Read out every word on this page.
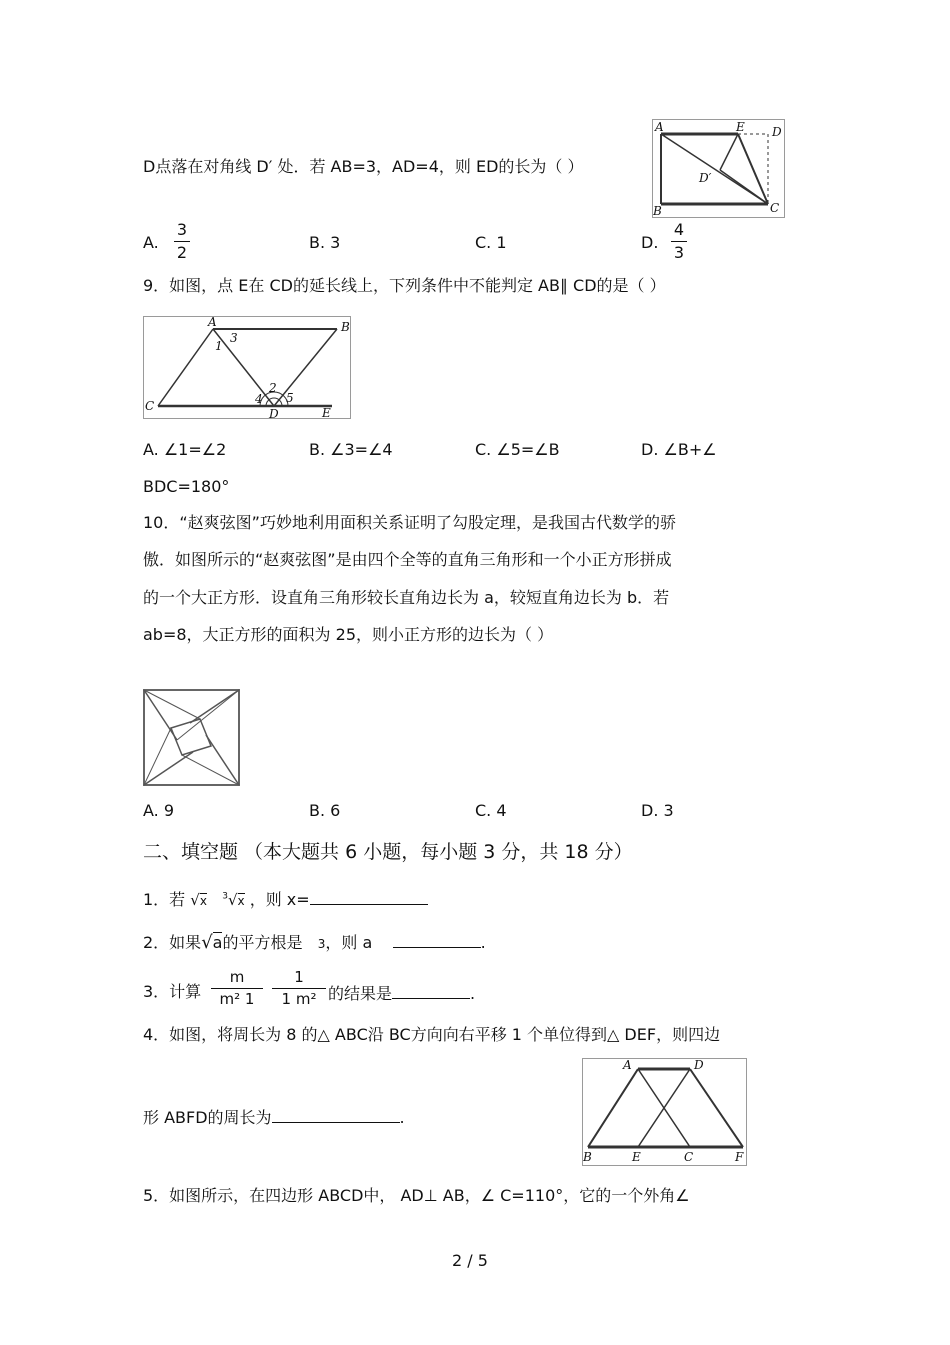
D点落在对角线 D′ 处．若 AB=3，AD=4，则 ED的长为（ ）
A	E D
D′
B	C
A.
3
2
B. 3	C. 1	D.
4
3
9．如图，点 E在 CD的延长线上，下列条件中不能判定 AB∥ CD的是（ ）
A	B
C
D	E
1
3
2
4 5
A. ∠1=∠2	B. ∠3=∠4	C. ∠5=∠B	D. ∠B+∠
BDC=180°
10．“赵爽弦图”巧妙地利用面积关系证明了勾股定理，是我国古代数学的骄
傲．如图所示的“赵爽弦图”是由四个全等的直角三角形和一个小正方形拼成
的一个大正方形．设直角三角形较长直角边长为 a，较短直角边长为 b．若
ab=8，大正方形的面积为 25，则小正方形的边长为（ ）
A. 9	B. 6	C. 4	D. 3
二、填空题 （本大题共 6 小题，每小题 3 分，共 18 分）
1．若 √x $^3$√x ，则 x=
2．如果√a的平方根是 3，则 a	.
3．计算
m
m² 1
1
1 m² 的结果是	.
4．如图，将周长为 8 的△ ABC沿 BC方向向右平移 1 个单位得到△ DEF，则四边
形 ABFD的周长为	.
A	D
B	E	C	F
5．如图所示，在四边形 ABCD中， AD⊥ AB，∠ C=110°，它的一个外角∠
2 / 5
